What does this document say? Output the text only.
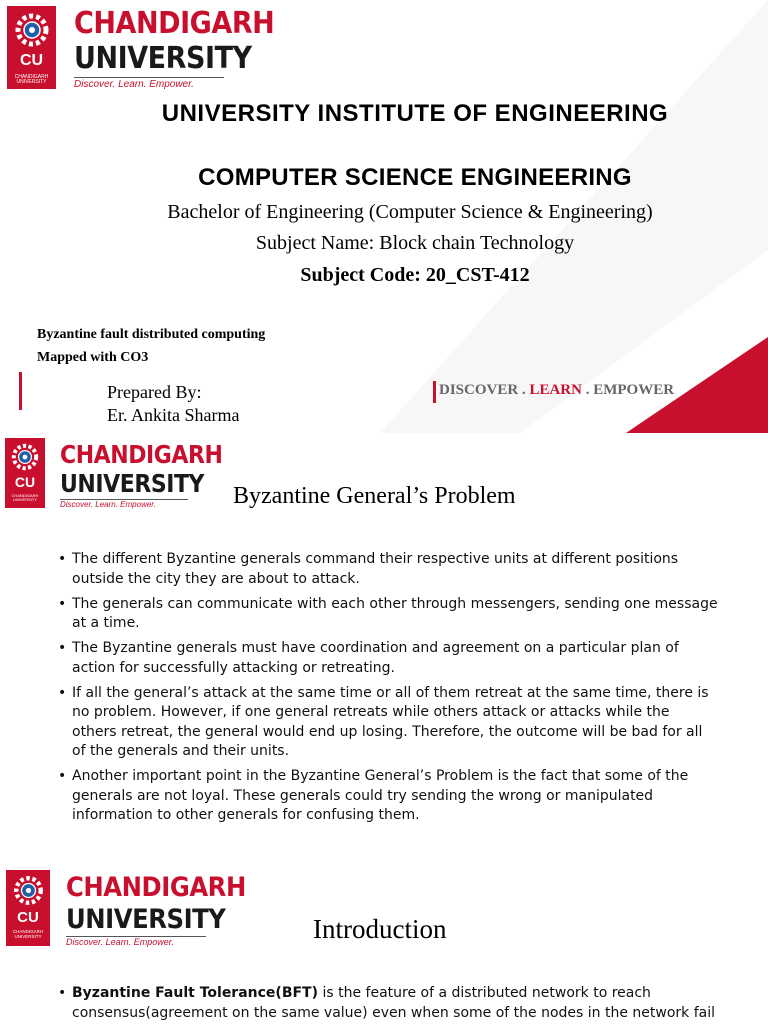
CU
CHANDIGARH
UNIVERSITY
CHANDIGARH
UNIVERSITY
Discover. Learn. Empower.
UNIVERSITY INSTITUTE OF ENGINEERING
COMPUTER SCIENCE ENGINEERING
Bachelor of Engineering (Computer Science & Engineering)
Subject Name: Block chain Technology
Subject Code: 20_CST-412
Byzantine fault distributed computing
Mapped with CO3
Prepared By:
Er. Ankita Sharma
DISCOVER . LEARN . EMPOWER
CU
CHANDIGARH
UNIVERSITY
CHANDIGARH
UNIVERSITY
Discover. Learn. Empower.	Byzantine General’s Problem
• The different Byzantine generals command their respective units at different positions outside the city they are about to attack.
• The generals can communicate with each other through messengers, sending one message at a time.
• The Byzantine generals must have coordination and agreement on a particular plan of action for successfully attacking or retreating.
• If all the general’s attack at the same time or all of them retreat at the same time, there is no problem. However, if one general retreats while others attack or attacks while the others retreat, the general would end up losing. Therefore, the outcome will be bad for all of the generals and their units.
• Another important point in the Byzantine General’s Problem is the fact that some of the generals are not loyal. These generals could try sending the wrong or manipulated information to other generals for confusing them.
CU
CHANDIGARH
UNIVERSITY
CHANDIGARH
UNIVERSITY
Discover. Learn. Empower.	Introduction
• Byzantine Fault Tolerance(BFT) is the feature of a distributed network to reach consensus(agreement on the same value) even when some of the nodes in the network fail
